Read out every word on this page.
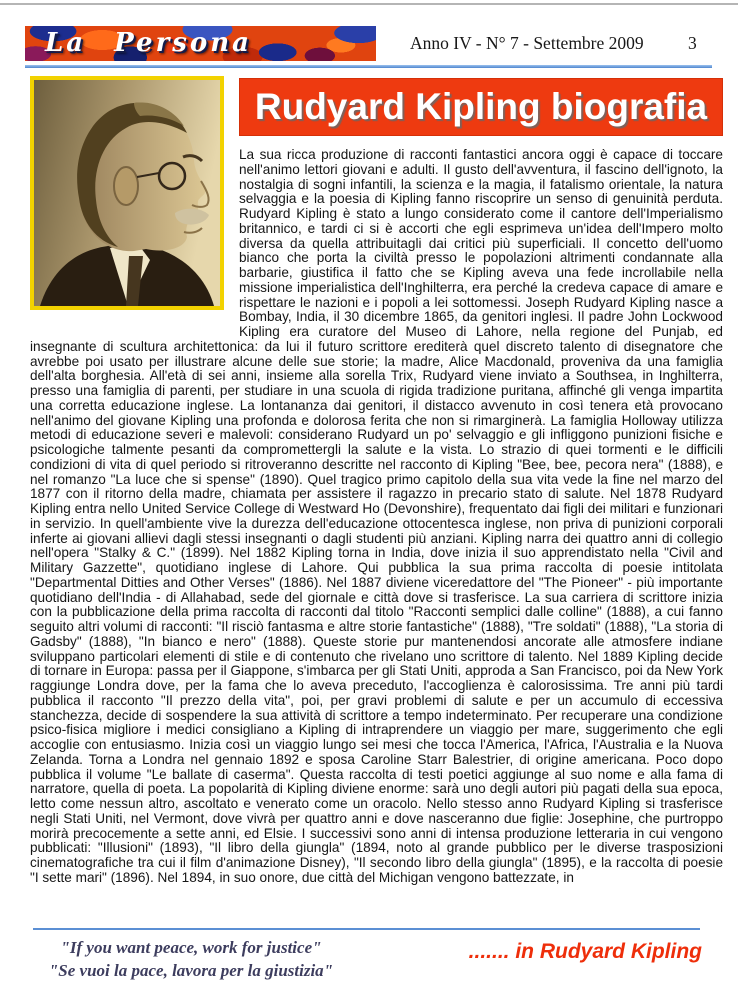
La Persona	Anno IV - N° 7 - Settembre 2009	3
Rudyard Kipling biografia

La sua ricca produzione di racconti fantastici ancora oggi è capace di toccare nell'animo lettori giovani e adulti. Il gusto dell'avventura, il fascino dell'ignoto, la nostalgia di sogni infantili, la scienza e la magia, il fatalismo orientale, la natura selvaggia e la poesia di Kipling fanno riscoprire un senso di genuinità perduta. Rudyard Kipling è stato a lungo considerato come il cantore dell'Imperialismo britannico, e tardi ci si è accorti che egli esprimeva un'idea dell'Impero molto diversa da quella attribuitagli dai critici più superficiali. Il concetto dell'uomo bianco che porta la civiltà presso le popolazioni altrimenti condannate alla barbarie, giustifica il fatto che se Kipling aveva una fede incrollabile nella missione imperialistica dell'Inghilterra, era perché la credeva capace di amare e rispettare le nazioni e i popoli a lei sottomessi. Joseph Rudyard Kipling nasce a Bombay, India, il 30 dicembre 1865, da genitori inglesi. Il padre John Lockwood Kipling era curatore del Museo di Lahore, nella regione del Punjab, ed insegnante di scultura architettonica: da lui il futuro scrittore erediterà quel discreto talento di disegnatore che avrebbe poi usato per illustrare alcune delle sue storie; la madre, Alice Macdonald, proveniva da una famiglia dell'alta borghesia. All'età di sei anni, insieme alla sorella Trix, Rudyard viene inviato a Southsea, in Inghilterra, presso una famiglia di parenti, per studiare in una scuola di rigida tradizione puritana, affinché gli venga impartita una corretta educazione inglese. La lontananza dai genitori, il distacco avvenuto in così tenera età provocano nell'animo del giovane Kipling una profonda e dolorosa ferita che non si rimarginerà. La famiglia Holloway utilizza metodi di educazione severi e malevoli: considerano Rudyard un po' selvaggio e gli infliggono punizioni fisiche e psicologiche talmente pesanti da compromettergli la salute e la vista. Lo strazio di quei tormenti e le difficili condizioni di vita di quel periodo si ritroveranno descritte nel racconto di Kipling "Bee, bee, pecora nera" (1888), e nel romanzo "La luce che si spense" (1890). Quel tragico primo capitolo della sua vita vede la fine nel marzo del 1877 con il ritorno della madre, chiamata per assistere il ragazzo in precario stato di salute. Nel 1878 Rudyard Kipling entra nello United Service College di Westward Ho (Devonshire), frequentato dai figli dei militari e funzionari in servizio. In quell'ambiente vive la durezza dell'educazione ottocentesca inglese, non priva di punizioni corporali inferte ai giovani allievi dagli stessi insegnanti o dagli studenti più anziani. Kipling narra dei quattro anni di collegio nell'opera "Stalky & C." (1899). Nel 1882 Kipling torna in India, dove inizia il suo apprendistato nella "Civil and Military Gazzette", quotidiano inglese di Lahore. Qui pubblica la sua prima raccolta di poesie intitolata "Departmental Ditties and Other Verses" (1886). Nel 1887 diviene viceredattore del "The Pioneer" - più importante quotidiano dell'India - di Allahabad, sede del giornale e città dove si trasferisce. La sua carriera di scrittore inizia con la pubblicazione della prima raccolta di racconti dal titolo "Racconti semplici dalle colline" (1888), a cui fanno seguito altri volumi di racconti: "Il risciò fantasma e altre storie fantastiche" (1888), "Tre soldati" (1888), "La storia di Gadsby" (1888), "In bianco e nero" (1888). Queste storie pur mantenendosi ancorate alle atmosfere indiane sviluppano particolari elementi di stile e di contenuto che rivelano uno scrittore di talento. Nel 1889 Kipling decide di tornare in Europa: passa per il Giappone, s'imbarca per gli Stati Uniti, approda a San Francisco, poi da New York raggiunge Londra dove, per la fama che lo aveva preceduto, l'accoglienza è calorosissima. Tre anni più tardi pubblica il racconto "Il prezzo della vita", poi, per gravi problemi di salute e per un accumulo di eccessiva stanchezza, decide di sospendere la sua attività di scrittore a tempo indeterminato. Per recuperare una condizione psico-fisica migliore i medici consigliano a Kipling di intraprendere un viaggio per mare, suggerimento che egli accoglie con entusiasmo. Inizia così un viaggio lungo sei mesi che tocca l'America, l'Africa, l'Australia e la Nuova Zelanda. Torna a Londra nel gennaio 1892 e sposa Caroline Starr Balestrier, di origine americana. Poco dopo pubblica il volume "Le ballate di caserma". Questa raccolta di testi poetici aggiunge al suo nome e alla fama di narratore, quella di poeta. La popolarità di Kipling diviene enorme: sarà uno degli autori più pagati della sua epoca, letto come nessun altro, ascoltato e venerato come un oracolo. Nello stesso anno Rudyard Kipling si trasferisce negli Stati Uniti, nel Vermont, dove vivrà per quattro anni e dove nasceranno due figlie: Josephine, che purtroppo morirà precocemente a sette anni, ed Elsie. I successivi sono anni di intensa produzione letteraria in cui vengono pubblicati: "Illusioni" (1893), "Il libro della giungla" (1894, noto al grande pubblico per le diverse trasposizioni cinematografiche tra cui il film d'animazione Disney), "Il secondo libro della giungla" (1895), e la raccolta di poesie "I sette mari" (1896). Nel 1894, in suo onore, due città del Michigan vengono battezzate, in

"If you want peace, work for justice"
"Se vuoi la pace, lavora per la giustizia"
....... in Rudyard Kipling
